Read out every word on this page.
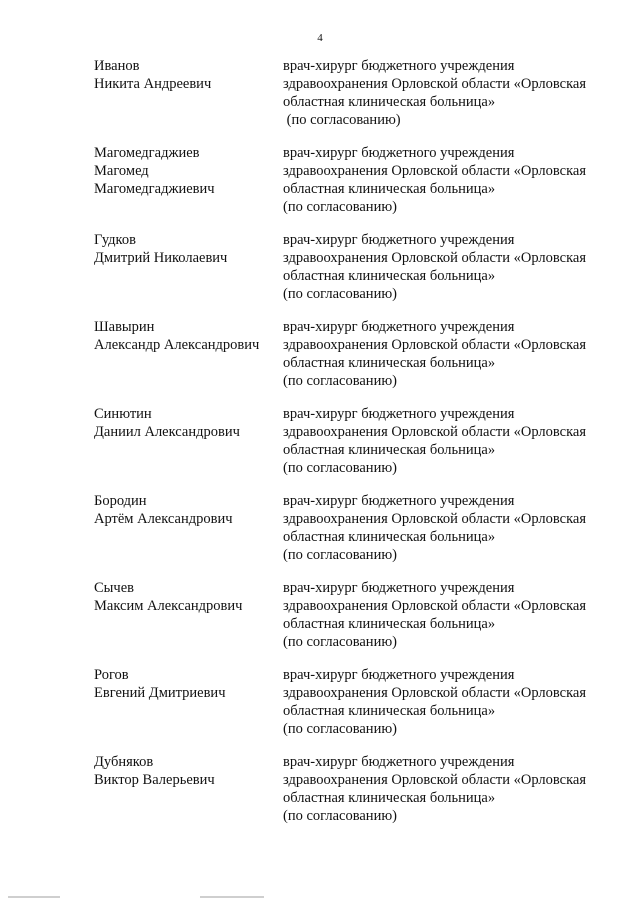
4
Иванов
Никита Андреевич
врач-хирург бюджетного учреждения
здравоохранения Орловской области «Орловская
областная клиническая больница»
(по согласованию)
Магомедгаджиев
Магомед
Магомедгаджиевич
врач-хирург бюджетного учреждения
здравоохранения Орловской области «Орловская
областная клиническая больница»
(по согласованию)
Гудков
Дмитрий Николаевич
врач-хирург бюджетного учреждения
здравоохранения Орловской области «Орловская
областная клиническая больница»
(по согласованию)
Шавырин
Александр Александрович
врач-хирург бюджетного учреждения
здравоохранения Орловской области «Орловская
областная клиническая больница»
(по согласованию)
Синютин
Даниил Александрович
врач-хирург бюджетного учреждения
здравоохранения Орловской области «Орловская
областная клиническая больница»
(по согласованию)
Бородин
Артём Александрович
врач-хирург бюджетного учреждения
здравоохранения Орловской области «Орловская
областная клиническая больница»
(по согласованию)
Сычев
Максим Александрович
врач-хирург бюджетного учреждения
здравоохранения Орловской области «Орловская
областная клиническая больница»
(по согласованию)
Рогов
Евгений Дмитриевич
врач-хирург бюджетного учреждения
здравоохранения Орловской области «Орловская
областная клиническая больница»
(по согласованию)
Дубняков
Виктор Валерьевич
врач-хирург бюджетного учреждения
здравоохранения Орловской области «Орловская
областная клиническая больница»
(по согласованию)
